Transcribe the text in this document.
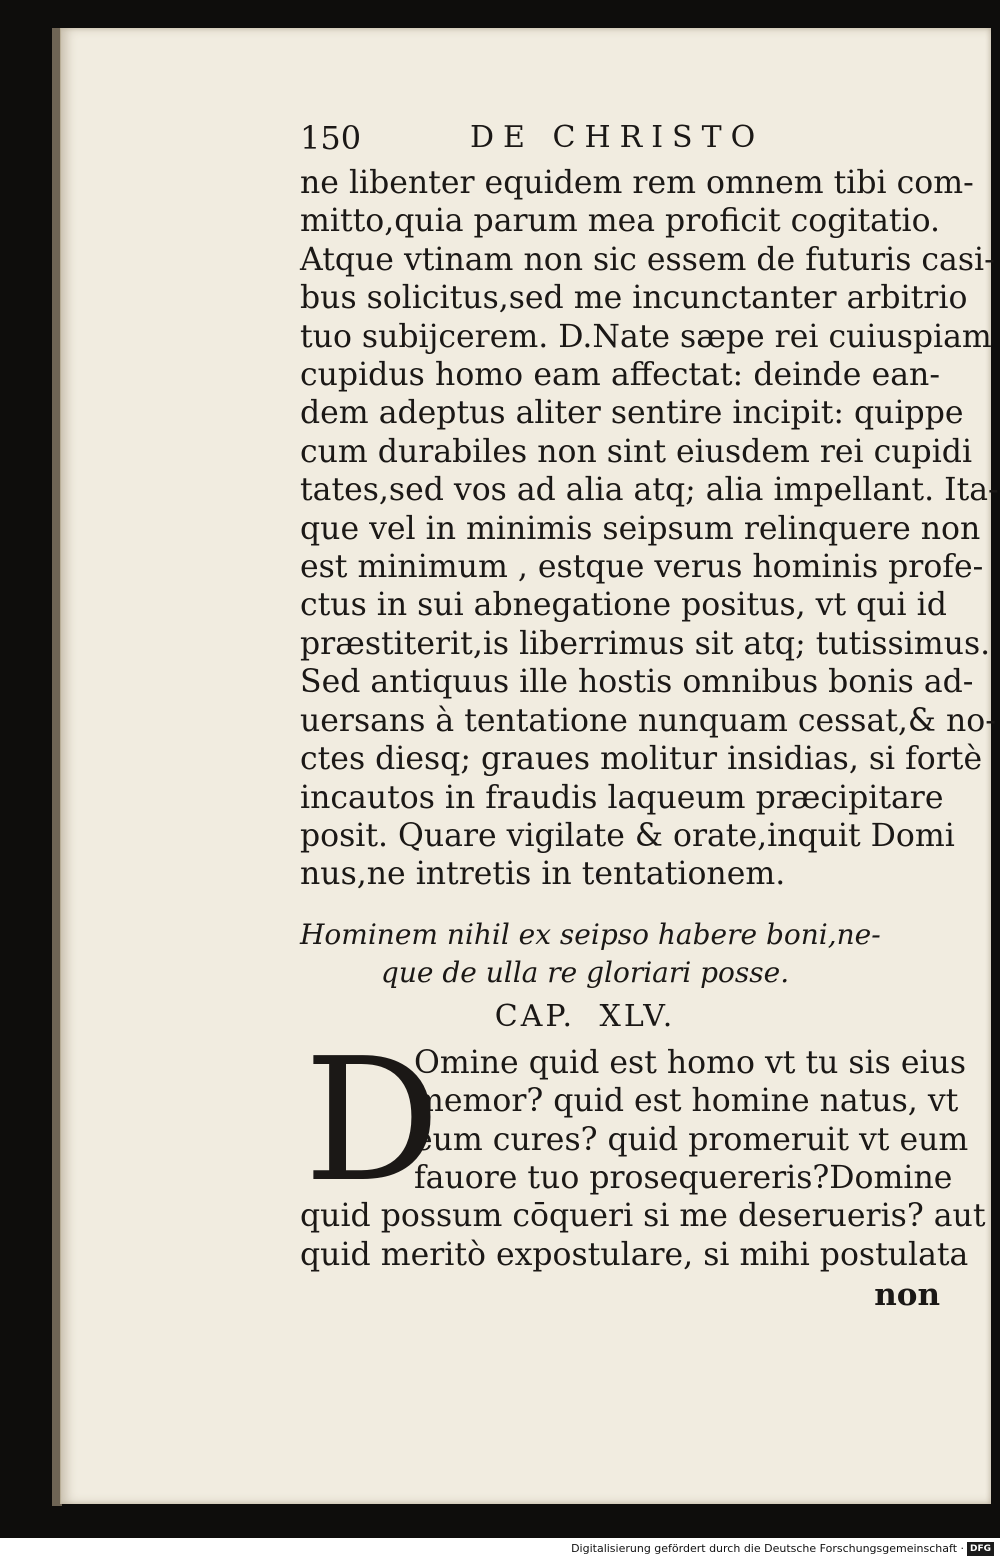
150	DE CHRISTO
ne libenter equidem rem omnem tibi com-
mitto,quia parum mea proficit cogitatio.
Atque vtinam non sic essem de futuris casi-
bus solicitus,sed me incunctanter arbitrio
tuo subijcerem. D.Nate sæpe rei cuiuspiam
cupidus homo eam affectat: deinde ean-
dem adeptus aliter sentire incipit: quippe
cum durabiles non sint eiusdem rei cupidi
tates,sed vos ad alia atq; alia impellant. Ita-
que vel in minimis seipsum relinquere non
est minimum , estque verus hominis profe-
ctus in sui abnegatione positus, vt qui id
præstiterit,is liberrimus sit atq; tutissimus.
Sed antiquus ille hostis omnibus bonis ad-
uersans à tentatione nunquam cessat,& no-
ctes diesq; graues molitur insidias, si fortè
incautos in fraudis laqueum præcipitare
posit. Quare vigilate & orate,inquit Domi
nus,ne intretis in tentationem.
Hominem nihil ex seipso habere boni,ne-
que de ulla re gloriari posse.
CAP. XLV.
D
Omine quid est homo vt tu sis eius
memor? quid est homine natus, vt
eum cures? quid promeruit vt eum
fauore tuo prosequereris?Domine
quid possum cōqueri si me deserueris? aut
quid meritò expostulare, si mihi postulata
non
Digitalisierung gefördert durch die Deutsche Forschungsgemeinschaft · DFG
